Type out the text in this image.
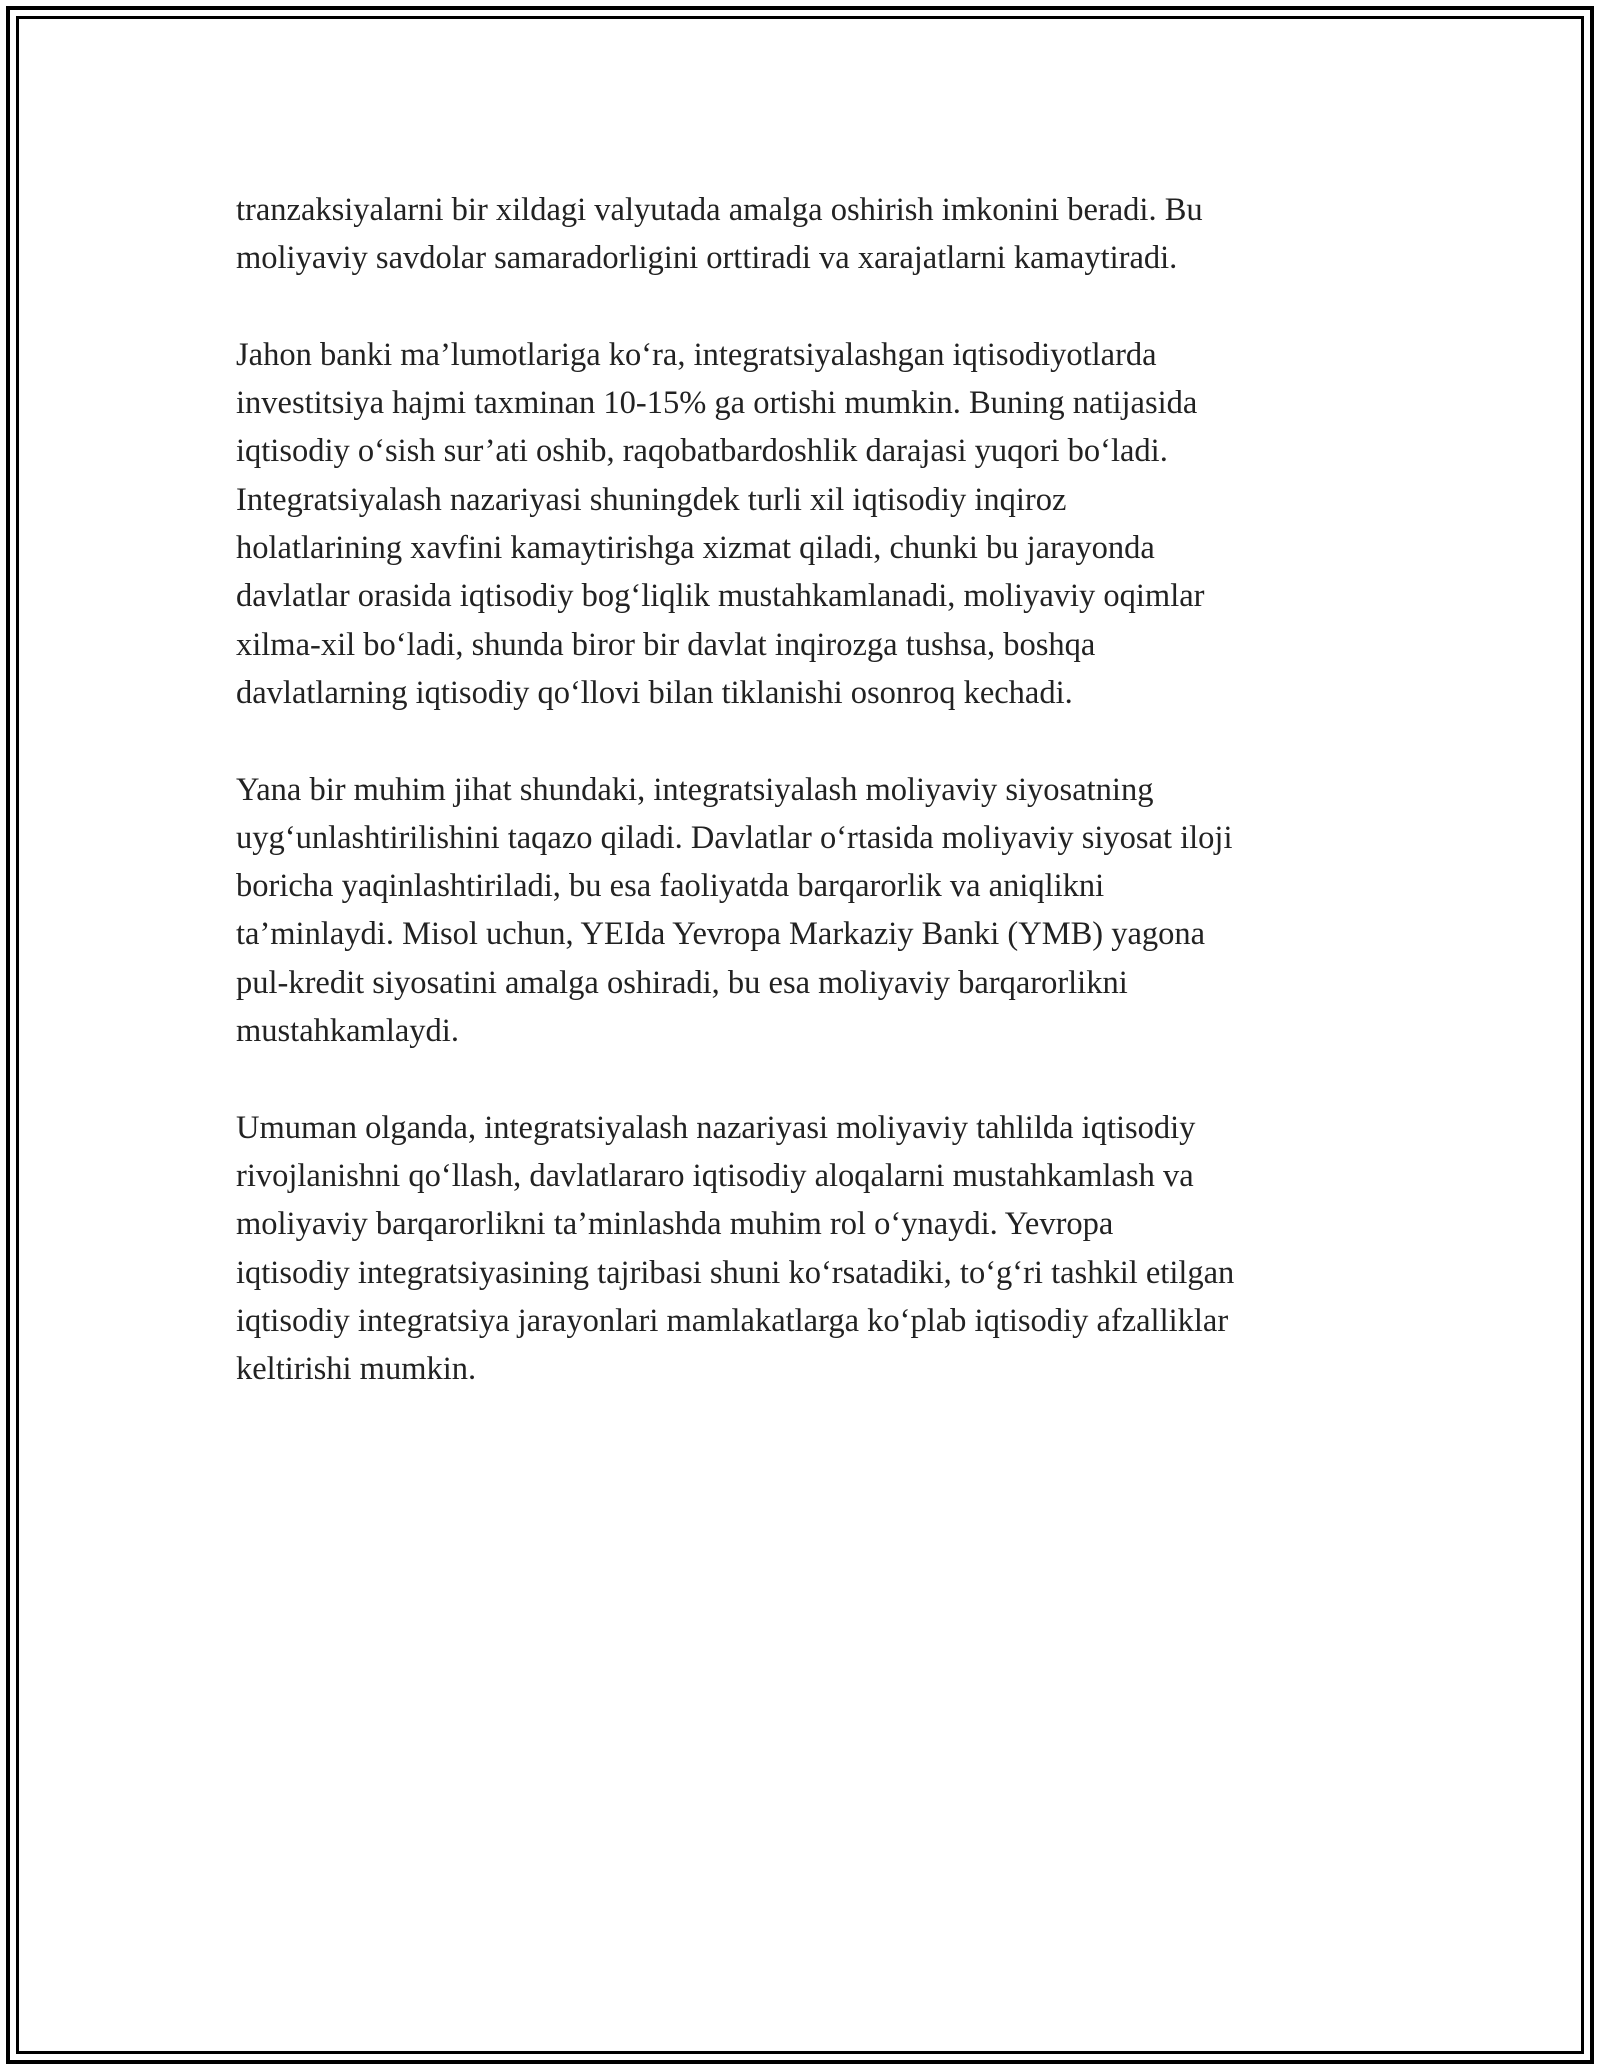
tranzaksiyalarni bir xildagi valyutada amalga oshirish imkonini beradi. Bu
moliyaviy savdolar samaradorligini orttiradi va xarajatlarni kamaytiradi.

Jahon banki ma’lumotlariga ko‘ra, integratsiyalashgan iqtisodiyotlarda
investitsiya hajmi taxminan 10-15% ga ortishi mumkin. Buning natijasida
iqtisodiy o‘sish sur’ati oshib, raqobatbardoshlik darajasi yuqori bo‘ladi.
Integratsiyalash nazariyasi shuningdek turli xil iqtisodiy inqiroz
holatlarining xavfini kamaytirishga xizmat qiladi, chunki bu jarayonda
davlatlar orasida iqtisodiy bog‘liqlik mustahkamlanadi, moliyaviy oqimlar
xilma-xil bo‘ladi, shunda biror bir davlat inqirozga tushsa, boshqa
davlatlarning iqtisodiy qo‘llovi bilan tiklanishi osonroq kechadi.

Yana bir muhim jihat shundaki, integratsiyalash moliyaviy siyosatning
uyg‘unlashtirilishini taqazo qiladi. Davlatlar o‘rtasida moliyaviy siyosat iloji
boricha yaqinlashtiriladi, bu esa faoliyatda barqarorlik va aniqlikni
ta’minlaydi. Misol uchun, YEIda Yevropa Markaziy Banki (YMB) yagona
pul-kredit siyosatini amalga oshiradi, bu esa moliyaviy barqarorlikni
mustahkamlaydi.

Umuman olganda, integratsiyalash nazariyasi moliyaviy tahlilda iqtisodiy
rivojlanishni qo‘llash, davlatlararo iqtisodiy aloqalarni mustahkamlash va
moliyaviy barqarorlikni ta’minlashda muhim rol o‘ynaydi. Yevropa
iqtisodiy integratsiyasining tajribasi shuni ko‘rsatadiki, to‘g‘ri tashkil etilgan
iqtisodiy integratsiya jarayonlari mamlakatlarga ko‘plab iqtisodiy afzalliklar
keltirishi mumkin.
